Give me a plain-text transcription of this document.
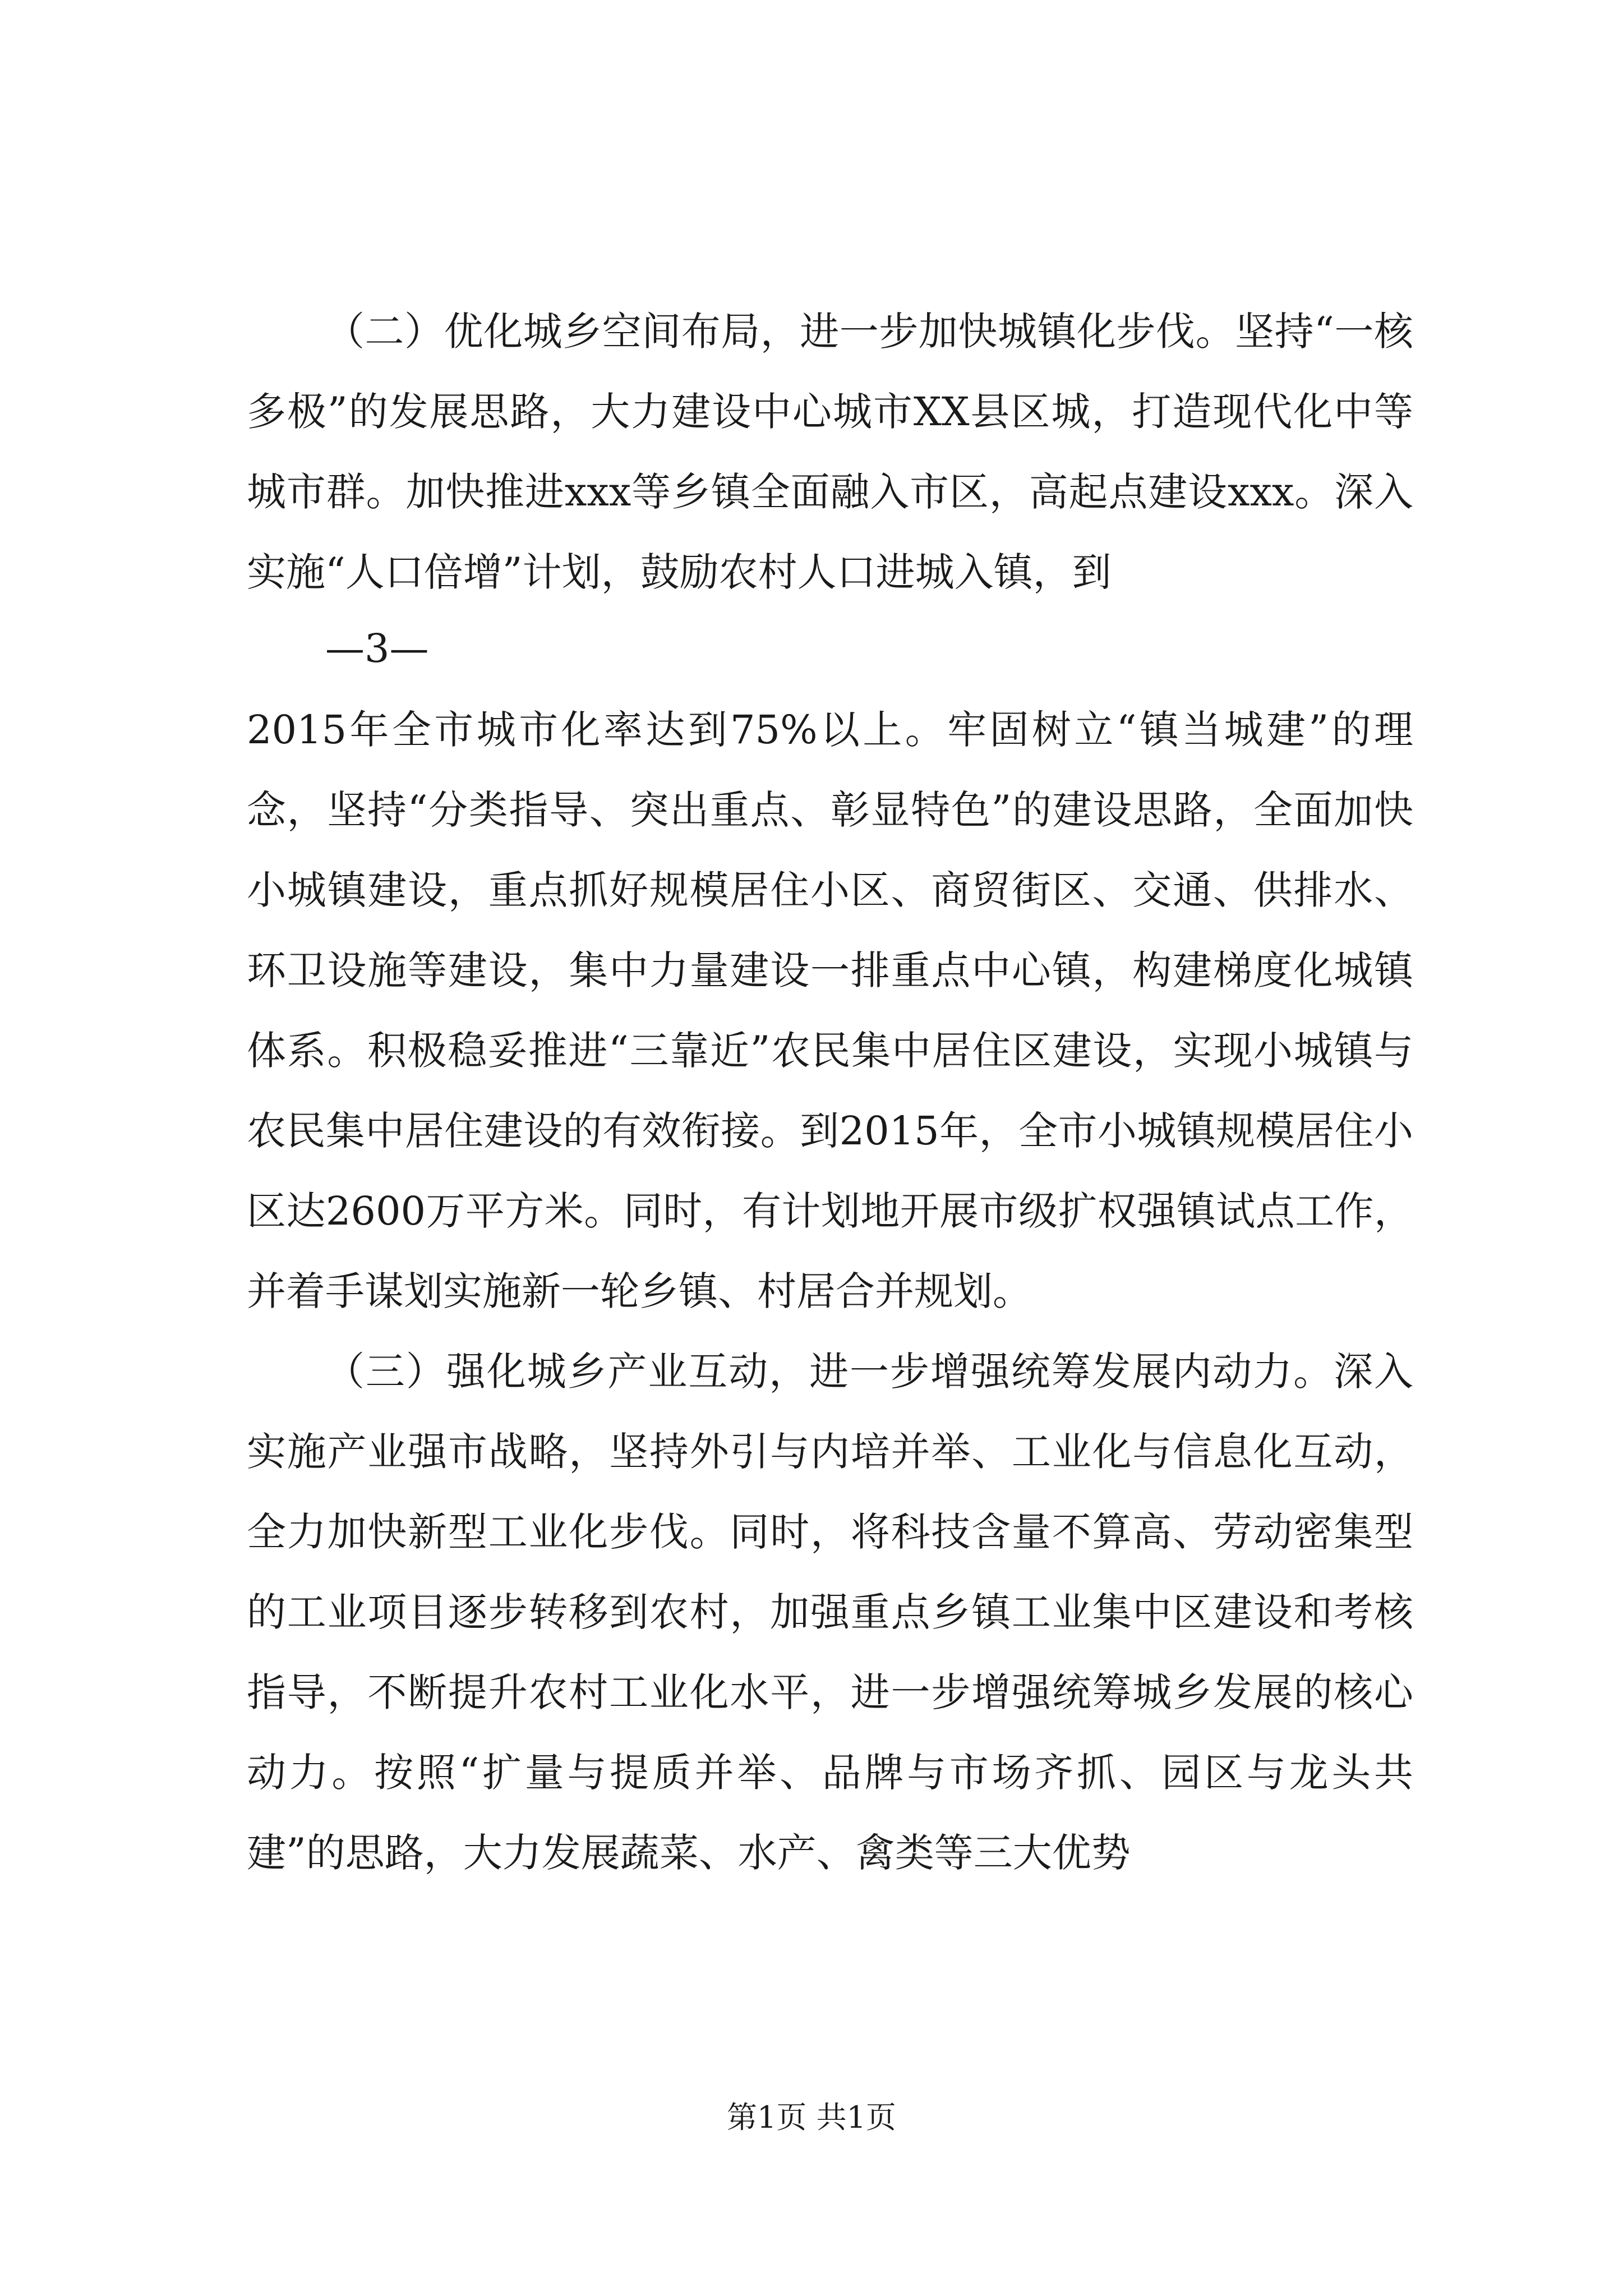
（二）优化城乡空间布局，进一步加快城镇化步伐。坚持“一核多极”的发展思路，大力建设中心城市XX县区城，打造现代化中等城市群。加快推进xxx等乡镇全面融入市区，高起点建设xxx。深入实施“人口倍增”计划，鼓励农村人口进城入镇，到

—3—

2015年全市城市化率达到75%以上。牢固树立“镇当城建”的理念，坚持“分类指导、突出重点、彰显特色”的建设思路，全面加快小城镇建设，重点抓好规模居住小区、商贸街区、交通、供排水、环卫设施等建设，集中力量建设一排重点中心镇，构建梯度化城镇体系。积极稳妥推进“三靠近”农民集中居住区建设，实现小城镇与农民集中居住建设的有效衔接。到2015年，全市小城镇规模居住小区达2600万平方米。同时，有计划地开展市级扩权强镇试点工作，并着手谋划实施新一轮乡镇、村居合并规划。

（三）强化城乡产业互动，进一步增强统筹发展内动力。深入实施产业强市战略，坚持外引与内培并举、工业化与信息化互动，全力加快新型工业化步伐。同时，将科技含量不算高、劳动密集型的工业项目逐步转移到农村，加强重点乡镇工业集中区建设和考核指导，不断提升农村工业化水平，进一步增强统筹城乡发展的核心动力。按照“扩量与提质并举、品牌与市场齐抓、园区与龙头共建”的思路，大力发展蔬菜、水产、禽类等三大优势

第1页 共1页
